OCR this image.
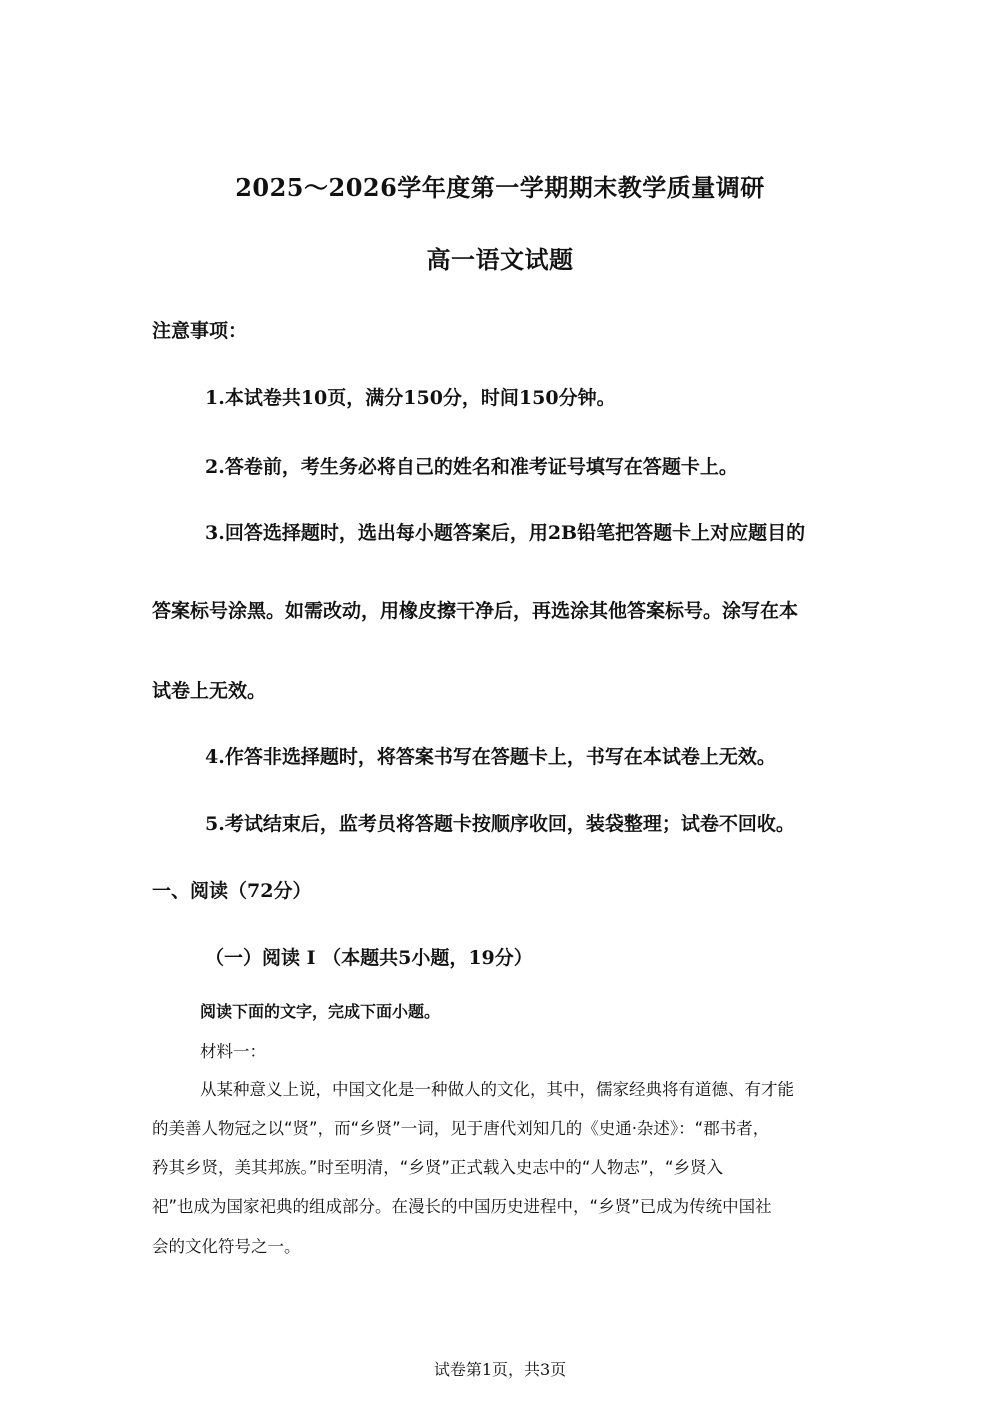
2025～2026学年度第一学期期末教学质量调研
高一语文试题
注意事项：
1.本试卷共10页，满分150分，时间150分钟。
2.答卷前，考生务必将自己的姓名和准考证号填写在答题卡上。
3.回答选择题时，选出每小题答案后，用2B铅笔把答题卡上对应题目的
答案标号涂黑。如需改动，用橡皮擦干净后，再选涂其他答案标号。涂写在本
试卷上无效。
4.作答非选择题时，将答案书写在答题卡上，书写在本试卷上无效。
5.考试结束后，监考员将答题卡按顺序收回，装袋整理；试卷不回收。
一、阅读（72分）
（一）阅读 I （本题共5小题，19分）
阅读下面的文字，完成下面小题。
材料一：
从某种意义上说，中国文化是一种做人的文化，其中，儒家经典将有道德、有才能
的美善人物冠之以“贤”，而“乡贤”一词，见于唐代刘知几的《史通·杂述》：“郡书者，
矜其乡贤，美其邦族。”时至明清，“乡贤”正式载入史志中的“人物志”，“乡贤入
祀”也成为国家祀典的组成部分。在漫长的中国历史进程中，“乡贤”已成为传统中国社
会的文化符号之一。
试卷第1页，共3页
